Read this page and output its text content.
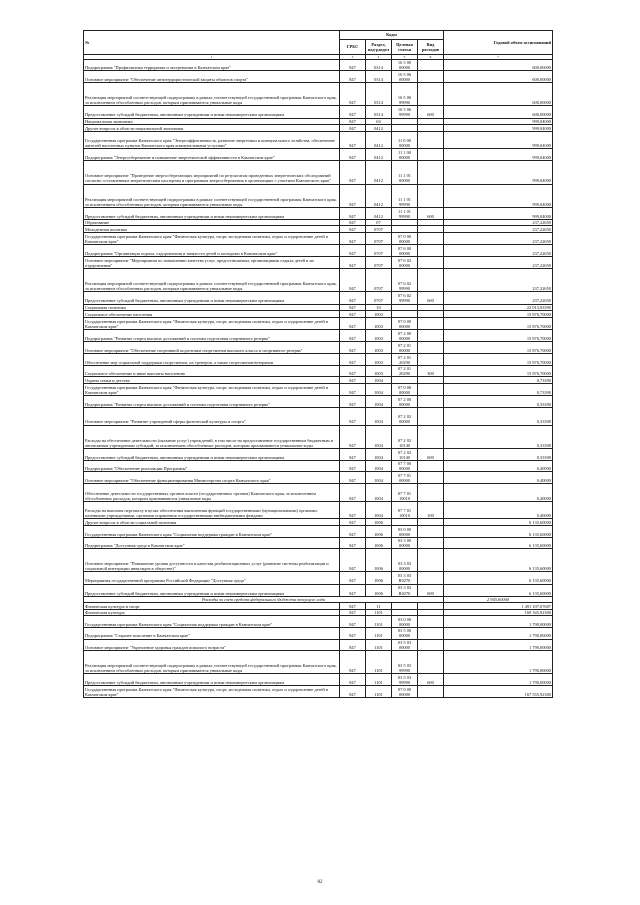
№	Коды				Годовой объем ассигнований
	ГРБС	Раздел, под-раздел	Целевая статья	Вид расходов	
1	3	4	5	6	7
Подпрограмма "Профилактика терроризма и экстремизма в Камчатском крае"	847	0314	16 5 00 00000		600,00000
Основное мероприятие "Обеспечение антитеррористической защиты объектов спорта"	847	0314	16 5 06 00000		600,00000
Реализация мероприятий соответствующей подпрограммы в рамках соответствующей государственной программы Камчатского края, за исключением обособленных расходов, которым присваиваются уникальные коды	847	0314	16 5 06 99990		600,00000
Предоставление субсидий бюджетным, автономным учреждениям и иным некоммерческим организациям	847	0314	16 5 06 99990	600	600,00000
Национальная экономика	847	04			999,04000
Другие вопросы в области национальной экономики	847	0412			999,04000
Государственная программа Камчатского края "Энергоэффективность, развитие энергетики и коммунального хозяйства, обеспечение жителей населенных пунктов Камчатского края коммунальными услугами"	847	0412	11 0 00 00000		999,04000
Подпрограмма "Энергосбережение и повышение энергетической эффективности в Камчатском крае"	847	0412	11 1 00 00000		999,04000
Основное мероприятие "Проведение энергосберегающих мероприятий по результатам проведенных энергетических обследований согласно составленным энергетическим паспортам и программам энергосбережения в организациях с участием Камчатского края"	847	0412	11 1 01 00000		999,04000
Реализация мероприятий соответствующей подпрограммы в рамках соответствующей государственной программы Камчатского края, за исключением обособленных расходов, которым присваиваются уникальные коды	847	0412	11 1 01 99990		999,04000
Предоставление субсидий бюджетным, автономным учреждениям и иным некоммерческим организациям	847	0412	11 1 01 99990	600	999,04000
Образование	847	07			237,22650
Молодежная политика	847	0707			237,22650
Государственная программа Камчатского края "Физическая культура, спорт, молодежная политика, отдых и оздоровление детей в Камчатском крае"	847	0707	07 0 00 00000		237,22650
Подпрограмма "Организация отдыха, оздоровления и занятости детей и молодежи в Камчатском крае"	847	0707	07 6 00 00000		237,22650
Основное мероприятие "Мероприятия по повышению качества услуг, предоставляемых организациями отдыха детей и их оздоровления"	847	0707	07 6 02 00000		237,22650
Реализация мероприятий соответствующей подпрограммы в рамках соответствующей государственной программы Камчатского края, за исключением обособленных расходов, которым присваиваются уникальные коды	847	0707	07 6 02 99990		237,22650
Предоставление субсидий бюджетным, автономным учреждениям и иным некоммерческим организациям	847	0707	07 6 02 99990	600	237,22650
Социальная политика	847	10			22 013,03390
Социальное обеспечение населения	847	1003			15 876,70000
Государственная программа Камчатского края "Физическая культура, спорт, молодежная политика, отдых и оздоровление детей в Камчатском крае"	847	1003	07 0 00 00000		15 876,70000
Подпрограмма "Развитие спорта высших достижений и системы подготовки спортивного резерва"	847	1003	07 2 00 00000		15 876,70000
Основное мероприятие "Обеспечение спортивной подготовки спортсменов высокого класса и спортивного резерва"	847	1003	07 2 01 00000		15 876,70000
Обеспечение мер социальной поддержки спортсменов, их тренеров, а также спортсменов-ветеранов	847	1003	07 2 01 20290		15 876,70000
Социальное обеспечение и иные выплаты населению	847	1003	07 2 01 20290	300	15 876,70000
Охрана семьи и детства	847	1004			0,73390
Государственная программа Камчатского края "Физическая культура, спорт, молодежная политика, отдых и оздоровление детей в Камчатском крае"	847	1004	07 0 00 00000		0,73390
Подпрограмма "Развитие спорта высших достижений и системы подготовки спортивного резерва"	847	1004	07 2 00 00000		0,33390
Основное мероприятие "Развитие учреждений сферы физической культуры и спорта"	847	1004	07 2 02 00000		0,33390
Расходы на обеспечение деятельности (оказание услуг) учреждений, в том числе на предоставление государственным бюджетным и автономным учреждениям субсидий, за исключением обособленных расходов, которым присваиваются уникальные коды	847	1004	07 2 02 10140		0,33390
Предоставление субсидий бюджетным, автономным учреждениям и иным некоммерческим организациям	847	1004	07 2 02 10140	600	0,33390
Подпрограмма "Обеспечение реализации Программы"	847	1004	07 7 00 00000		0,40000
Основное мероприятие "Обеспечение функционирования Министерства спорта Камчатского края"	847	1004	07 7 01 00000		0,40000
Обеспечение деятельности государственных органов власти (государственных органов) Камчатского края, за исключением обособленных расходов, которым присваиваются уникальные коды	847	1004	07 7 01 10010		0,40000
Расходы на выплаты персоналу в целях обеспечения выполнения функций государственными (муниципальными) органами, казенными учреждениями, органами управления государственными внебюджетными фондами	847	1004	07 7 01 10010	100	0,40000
Другие вопросы в области социальной политики	847	1006			6 135,60000
Государственная программа Камчатского края "Социальная поддержка граждан в Камчатском крае"	847	1006	03 0 00 00000		6 135,60000
Подпрограмма "Доступная среда в Камчатском крае"	847	1006	03 3 00 00000		6 135,60000
Основное мероприятие "Повышение уровня доступности и качества реабилитационных услуг (развитие системы реабилитации и социальной интеграции инвалидов в обществе)"	847	1006	03 3 03 00000		6 135,60000
Мероприятия государственной программы Российской Федерации "Доступная среда"	847	1006	03 3 03 R0270		6 135,60000
Предоставление субсидий бюджетным, автономным учреждениям и иным некоммерческим организациям	847	1006	03 3 03 R0270	600	6 135,60000
Расходы за счет средств федерального бюджета текущего года					2 945,60000
Физическая культура и спорт	847	11			1 491 107,07687
Физическая культура	847	1101			169 345,92300
Государственная программа Камчатского края "Социальная поддержка граждан в Камчатском крае"	847	1101	03 0 00 00000		1 790,00000
Подпрограмма "Старшее поколение в Камчатском крае"	847	1101	03 5 00 00000		1 790,00000
Основное мероприятие "Укрепление здоровья граждан пожилого возраста"	847	1101	03 5 03 00000		1 790,00000
Реализация мероприятий соответствующей подпрограммы в рамках соответствующей государственной программы Камчатского края, за исключением обособленных расходов, которым присваиваются уникальные коды	847	1101	03 5 03 99990		1 790,00000
Предоставление субсидий бюджетным, автономным учреждениям и иным некоммерческим организациям	847	1101	03 5 03 99990	600	1 790,00000
Государственная программа Камчатского края "Физическая культура, спорт, молодежная политика, отдых и оздоровление детей в Камчатском крае"	847	1101	07 0 00 00000		167 555,92300
82
